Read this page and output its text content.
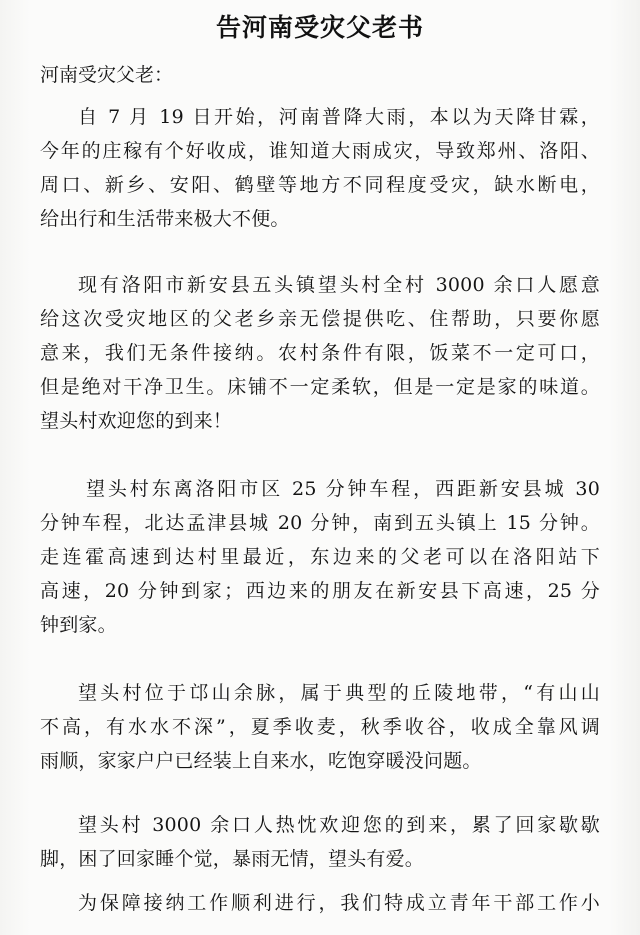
告河南受灾父老书
河南受灾父老：
自 7 月 19 日开始，河南普降大雨，本以为天降甘霖，
今年的庄稼有个好收成，谁知道大雨成灾，导致郑州、洛阳、
周口、新乡、安阳、鹤壁等地方不同程度受灾，缺水断电，
给出行和生活带来极大不便。
现有洛阳市新安县五头镇望头村全村 3000 余口人愿意
给这次受灾地区的父老乡亲无偿提供吃、住帮助，只要你愿
意来，我们无条件接纳。农村条件有限，饭菜不一定可口，
但是绝对干净卫生。床铺不一定柔软，但是一定是家的味道。
望头村欢迎您的到来！
望头村东离洛阳市区 25 分钟车程，西距新安县城 30
分钟车程，北达孟津县城 20 分钟，南到五头镇上 15 分钟。
走连霍高速到达村里最近，东边来的父老可以在洛阳站下
高速，20 分钟到家；西边来的朋友在新安县下高速，25 分
钟到家。
望头村位于邙山余脉，属于典型的丘陵地带，“有山山
不高，有水水不深”，夏季收麦，秋季收谷，收成全靠风调
雨顺，家家户户已经装上自来水，吃饱穿暖没问题。
望头村 3000 余口人热忱欢迎您的到来，累了回家歇歇
脚，困了回家睡个觉，暴雨无情，望头有爱。
为保障接纳工作顺利进行，我们特成立青年干部工作小
